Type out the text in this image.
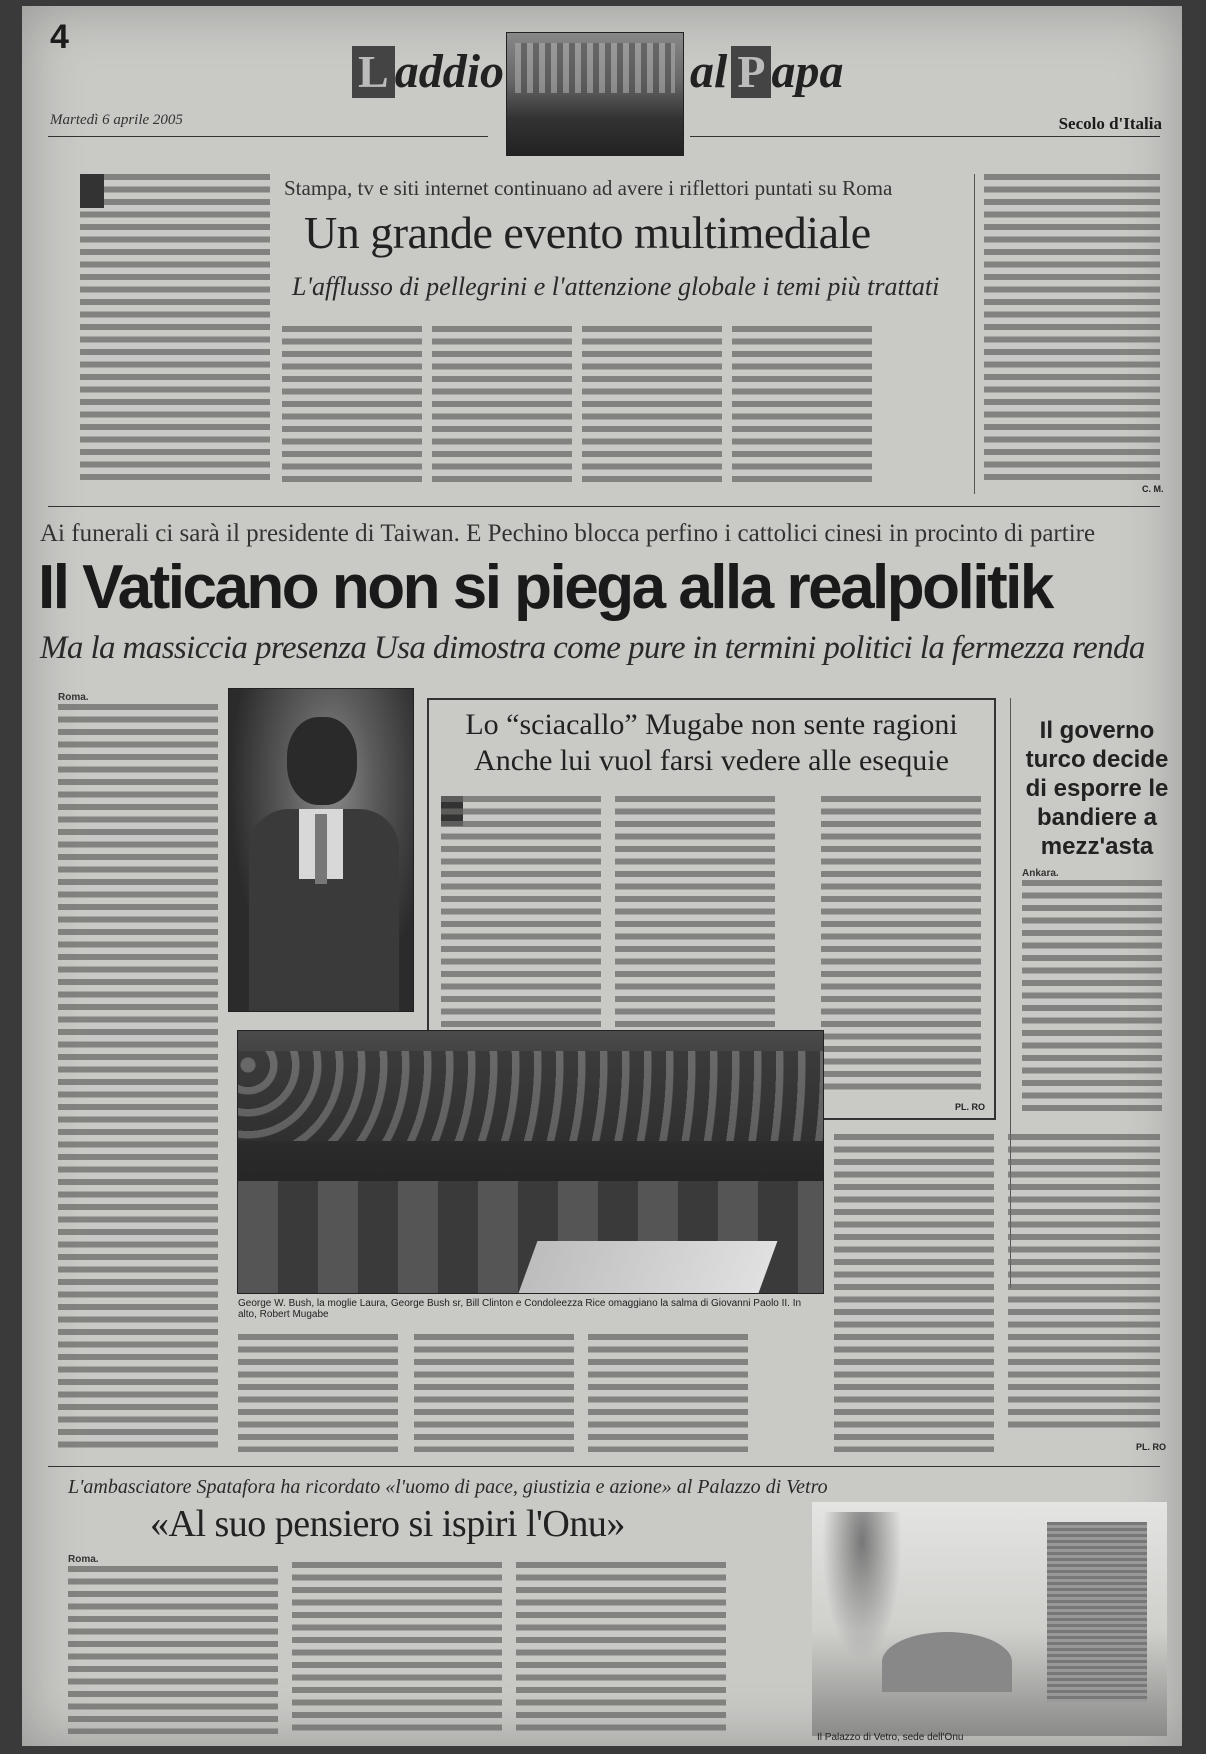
4
Martedì 6 aprile 2005
L addio	al P apa
Secolo d'Italia
Stampa, tv e siti internet continuano ad avere i riflettori puntati su Roma
Un grande evento multimediale
L'afflusso di pellegrini e l'attenzione globale i temi più trattati
C. M.
Ai funerali ci sarà il presidente di Taiwan. E Pechino blocca perfino i cattolici cinesi in procinto di partire
Il Vaticano non si piega alla realpolitik
Ma la massiccia presenza Usa dimostra come pure in termini politici la fermezza renda
Roma.
Lo “sciacallo” Mugabe non sente ragioni
Anche lui vuol farsi vedere alle esequie
PL. RO
Il governo turco decide di esporre le bandiere a mezz'asta
Ankara.
George W. Bush, la moglie Laura, George Bush sr, Bill Clinton e Condoleezza Rice omaggiano la salma di Giovanni Paolo II. In alto, Robert Mugabe
PL. RO
L'ambasciatore Spatafora ha ricordato «l'uomo di pace, giustizia e azione» al Palazzo di Vetro
«Al suo pensiero si ispiri l'Onu»
Roma.
Il Palazzo di Vetro, sede dell'Onu
